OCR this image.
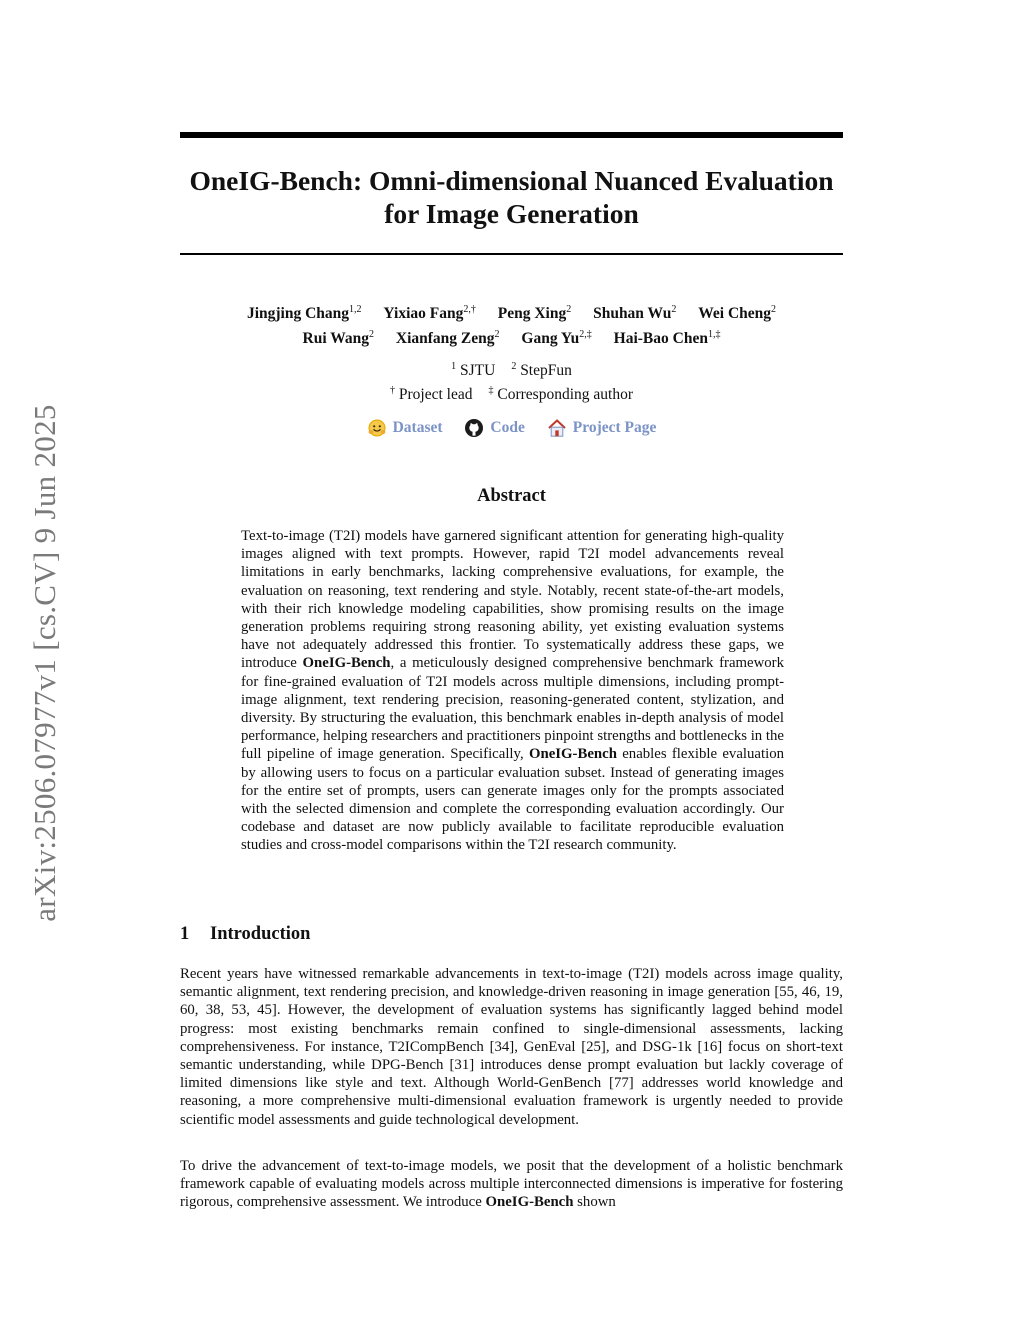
arXiv:2506.07977v1 [cs.CV] 9 Jun 2025
OneIG-Bench: Omni-dimensional Nuanced Evaluation
for Image Generation
Jingjing Chang$^{1,2}$ Yixiao Fang$^{2,\dagger}$ Peng Xing$^2$ Shuhan Wu$^2$ Wei Cheng$^2$
Rui Wang$^2$ Xianfang Zeng$^2$ Gang $Yu^{2,\ddagger}$ Hai-Bao Chen$^{1,\ddagger}$
$^1$ SJTU $^2$ StepFun
† Project lead ‡ Corresponding author
Dataset
	Code
	Project Page
Abstract

Text-to-image (T2I) models have garnered significant attention for generating high-quality images aligned with text prompts. However, rapid T2I model advancements reveal limitations in early benchmarks, lacking comprehensive evaluations, for example, the evaluation on reasoning, text rendering and style. Notably, recent state-of-the-art models, with their rich knowledge modeling capabilities, show promising results on the image generation problems requiring strong reasoning ability, yet existing evaluation systems have not adequately addressed this frontier. To systematically address these gaps, we introduce OneIG-Bench, a meticulously designed comprehensive benchmark framework for fine-grained evaluation of T2I models across multiple dimensions, including prompt-image alignment, text rendering precision, reasoning-generated content, stylization, and diversity. By structuring the evaluation, this benchmark enables in-depth analysis of model performance, helping researchers and practitioners pinpoint strengths and bottlenecks in the full pipeline of image generation. Specifically, OneIG-Bench enables flexible evaluation by allowing users to focus on a particular evaluation subset. Instead of generating images for the entire set of prompts, users can generate images only for the prompts associated with the selected dimension and complete the corresponding evaluation accordingly. Our codebase and dataset are now publicly available to facilitate reproducible evaluation studies and cross-model comparisons within the T2I research community.

1 Introduction

Recent years have witnessed remarkable advancements in text-to-image (T2I) models across image quality, semantic alignment, text rendering precision, and knowledge-driven reasoning in image generation [55, 46, 19, 60, 38, 53, 45]. However, the development of evaluation systems has significantly lagged behind model progress: most existing benchmarks remain confined to single-dimensional assessments, lacking comprehensiveness. For instance, T2ICompBench [34], GenEval [25], and DSG-1k [16] focus on short-text semantic understanding, while DPG-Bench [31] introduces dense prompt evaluation but lackly coverage of limited dimensions like style and text. Although World-GenBench [77] addresses world knowledge and reasoning, a more comprehensive multi-dimensional evaluation framework is urgently needed to provide scientific model assessments and guide technological development.

To drive the advancement of text-to-image models, we posit that the development of a holistic benchmark framework capable of evaluating models across multiple interconnected dimensions is imperative for fostering rigorous, comprehensive assessment. We introduce OneIG-Bench shown
